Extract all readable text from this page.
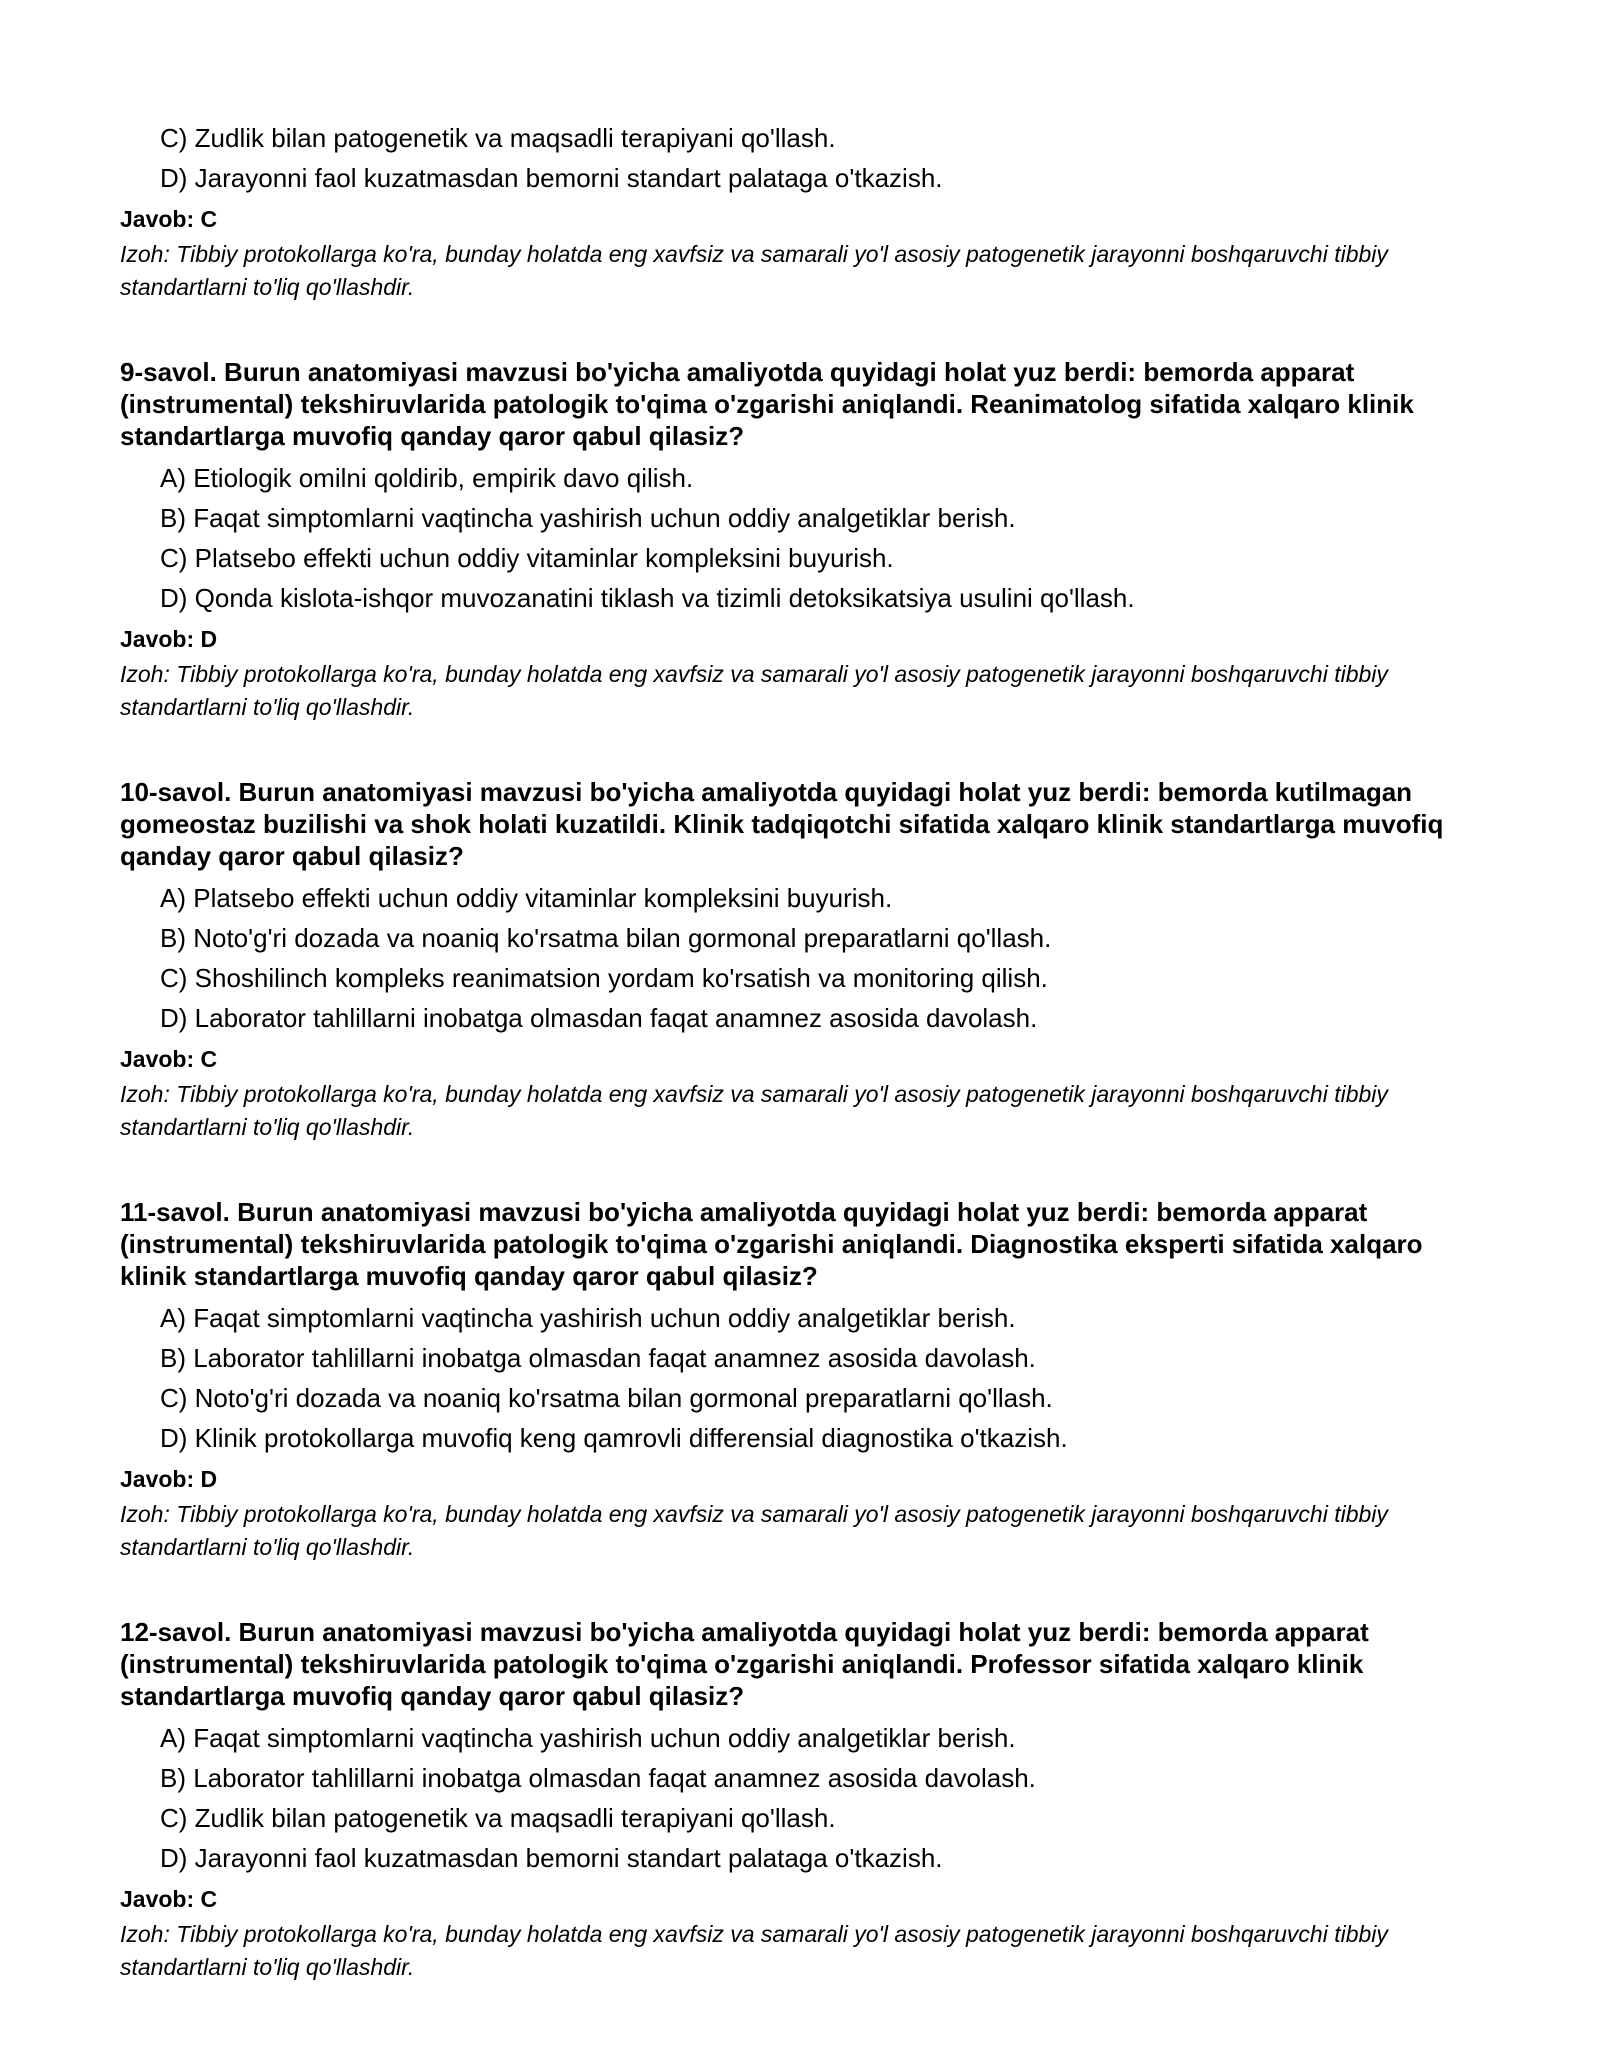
C) Zudlik bilan patogenetik va maqsadli terapiyani qo'llash.
D) Jarayonni faol kuzatmasdan bemorni standart palataga o'tkazish.
Javob: C
Izoh: Tibbiy protokollarga ko'ra, bunday holatda eng xavfsiz va samarali yo'l asosiy patogenetik jarayonni boshqaruvchi tibbiy standartlarni to'liq qo'llashdir.

9-savol. Burun anatomiyasi mavzusi bo'yicha amaliyotda quyidagi holat yuz berdi: bemorda apparat (instrumental) tekshiruvlarida patologik to'qima o'zgarishi aniqlandi. Reanimatolog sifatida xalqaro klinik standartlarga muvofiq qanday qaror qabul qilasiz?

A) Etiologik omilni qoldirib, empirik davo qilish.
B) Faqat simptomlarni vaqtincha yashirish uchun oddiy analgetiklar berish.
C) Platsebo effekti uchun oddiy vitaminlar kompleksini buyurish.
D) Qonda kislota-ishqor muvozanatini tiklash va tizimli detoksikatsiya usulini qo'llash.
Javob: D
Izoh: Tibbiy protokollarga ko'ra, bunday holatda eng xavfsiz va samarali yo'l asosiy patogenetik jarayonni boshqaruvchi tibbiy standartlarni to'liq qo'llashdir.

10-savol. Burun anatomiyasi mavzusi bo'yicha amaliyotda quyidagi holat yuz berdi: bemorda kutilmagan gomeostaz buzilishi va shok holati kuzatildi. Klinik tadqiqotchi sifatida xalqaro klinik standartlarga muvofiq qanday qaror qabul qilasiz?

A) Platsebo effekti uchun oddiy vitaminlar kompleksini buyurish.
B) Noto'g'ri dozada va noaniq ko'rsatma bilan gormonal preparatlarni qo'llash.
C) Shoshilinch kompleks reanimatsion yordam ko'rsatish va monitoring qilish.
D) Laborator tahlillarni inobatga olmasdan faqat anamnez asosida davolash.
Javob: C
Izoh: Tibbiy protokollarga ko'ra, bunday holatda eng xavfsiz va samarali yo'l asosiy patogenetik jarayonni boshqaruvchi tibbiy standartlarni to'liq qo'llashdir.

11-savol. Burun anatomiyasi mavzusi bo'yicha amaliyotda quyidagi holat yuz berdi: bemorda apparat (instrumental) tekshiruvlarida patologik to'qima o'zgarishi aniqlandi. Diagnostika eksperti sifatida xalqaro klinik standartlarga muvofiq qanday qaror qabul qilasiz?

A) Faqat simptomlarni vaqtincha yashirish uchun oddiy analgetiklar berish.
B) Laborator tahlillarni inobatga olmasdan faqat anamnez asosida davolash.
C) Noto'g'ri dozada va noaniq ko'rsatma bilan gormonal preparatlarni qo'llash.
D) Klinik protokollarga muvofiq keng qamrovli differensial diagnostika o'tkazish.
Javob: D
Izoh: Tibbiy protokollarga ko'ra, bunday holatda eng xavfsiz va samarali yo'l asosiy patogenetik jarayonni boshqaruvchi tibbiy standartlarni to'liq qo'llashdir.

12-savol. Burun anatomiyasi mavzusi bo'yicha amaliyotda quyidagi holat yuz berdi: bemorda apparat (instrumental) tekshiruvlarida patologik to'qima o'zgarishi aniqlandi. Professor sifatida xalqaro klinik standartlarga muvofiq qanday qaror qabul qilasiz?

A) Faqat simptomlarni vaqtincha yashirish uchun oddiy analgetiklar berish.
B) Laborator tahlillarni inobatga olmasdan faqat anamnez asosida davolash.
C) Zudlik bilan patogenetik va maqsadli terapiyani qo'llash.
D) Jarayonni faol kuzatmasdan bemorni standart palataga o'tkazish.
Javob: C
Izoh: Tibbiy protokollarga ko'ra, bunday holatda eng xavfsiz va samarali yo'l asosiy patogenetik jarayonni boshqaruvchi tibbiy standartlarni to'liq qo'llashdir.
